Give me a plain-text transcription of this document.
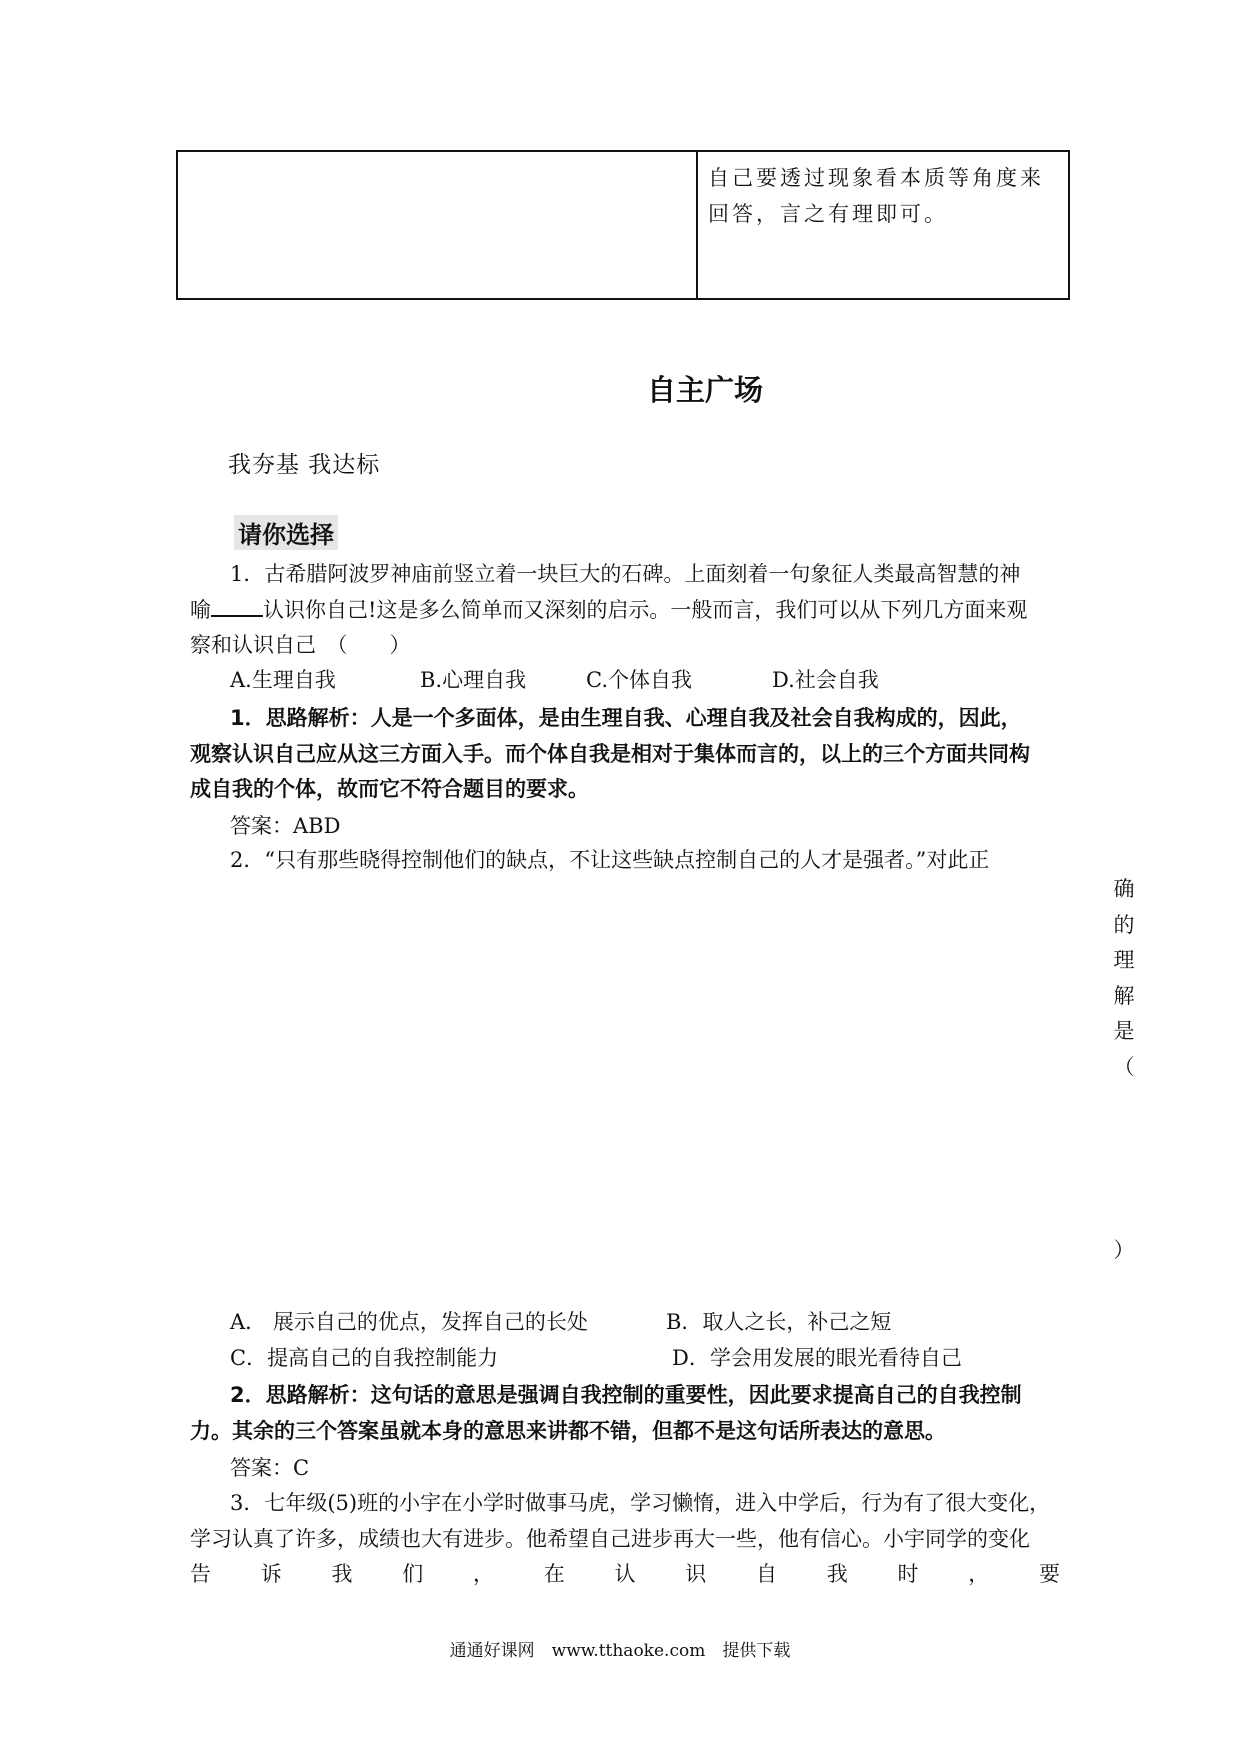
自己要透过现象看本质等角度来回答，言之有理即可。
自主广场
我夯基 我达标
请你选择
1．古希腊阿波罗神庙前竖立着一块巨大的石碑。上面刻着一句象征人类最高智慧的神
喻 认识你自己!这是多么简单而又深刻的启示。一般而言，我们可以从下列几方面来观
察和认识自己　（　　）
A.生理自我	B.心理自我	C.个体自我	D.社会自我
1．思路解析：人是一个多面体，是由生理自我、心理自我及社会自我构成的，因此，
观察认识自己应从这三方面入手。而个体自我是相对于集体而言的，以上的三个方面共同构
成自我的个体，故而它不符合题目的要求。
答案：ABD
2．“只有那些晓得控制他们的缺点，不让这些缺点控制自己的人才是强者。”对此正
确
的
理
解
是
（
）
A． 展示自己的优点，发挥自己的长处	B．取人之长，补己之短
C．提高自己的自我控制能力	D．学会用发展的眼光看待自己
2．思路解析：这句话的意思是强调自我控制的重要性，因此要求提高自己的自我控制
力。其余的三个答案虽就本身的意思来讲都不错，但都不是这句话所表达的意思。
答案：C
3．七年级(5)班的小宇在小学时做事马虎，学习懒惰，进入中学后，行为有了很大变化，
学习认真了许多，成绩也大有进步。他希望自己进步再大一些，他有信心。小宇同学的变化
告诉我们，在认识自我时，要
通通好课网　www.tthaoke.com　提供下载
